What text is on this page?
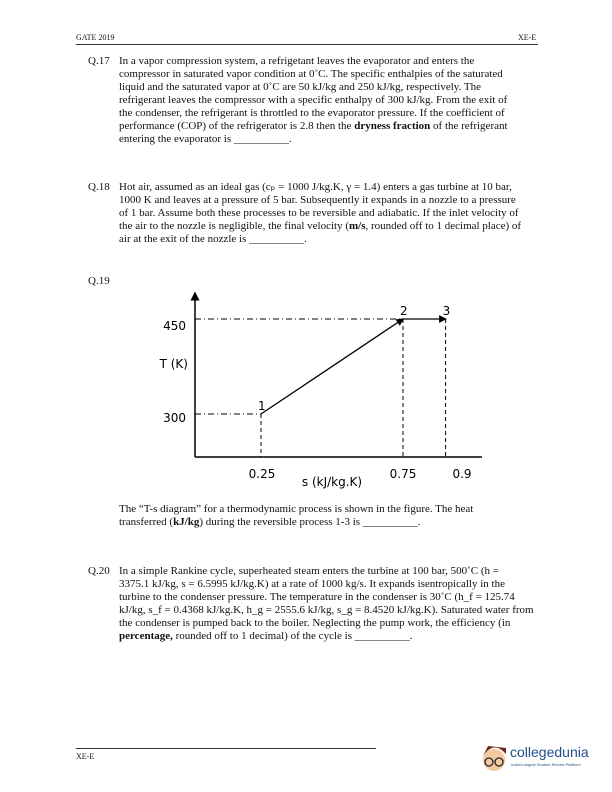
GATE 2019	XE-E
Q.17 In a vapor compression system, a refrigetant leaves the evaporator and enters the
compressor in saturated vapor condition at 0˚C. The specific enthalpies of the saturated
liquid and the saturated vapor at 0˚C are 50 kJ/kg and 250 kJ/kg, respectively. The
refrigerant leaves the compressor with a specific enthalpy of 300 kJ/kg. From the exit of
the condenser, the refrigerant is throttled to the evaporator pressure. If the coefficient of
performance (COP) of the refrigerator is 2.8 then the dryness fraction of the refrigerant
entering the evaporator is __________.
Q.18 Hot air, assumed as an ideal gas (cₚ = 1000 J/kg.K, γ = 1.4) enters a gas turbine at 10 bar,
1000 K and leaves at a pressure of 5 bar. Subsequently it expands in a nozzle to a pressure
of 1 bar. Assume both these processes to be reversible and adiabatic. If the inlet velocity of
the air to the nozzle is negligible, the final velocity (m/s, rounded off to 1 decimal place) of
air at the exit of the nozzle is __________.
Q.19
1
2	3
450
300
T (K)
0.25	0.75	0.9
s (kJ/kg.K)
The “T-s diagram” for a thermodynamic process is shown in the figure. The heat
transferred (kJ/kg) during the reversible process 1-3 is __________.
Q.20 In a simple Rankine cycle, superheated steam enters the turbine at 100 bar, 500˚C (h =
3375.1 kJ/kg, s = 6.5995 kJ/kg.K) at a rate of 1000 kg/s. It expands isentropically in the
turbine to the condenser pressure. The temperature in the condenser is 30˚C (h_f = 125.74
kJ/kg, s_f = 0.4368 kJ/kg.K, h_g = 2555.6 kJ/kg, s_g = 8.4520 kJ/kg.K). Saturated water from
the condenser is pumped back to the boiler. Neglecting the pump work, the efficiency (in
percentage, rounded off to 1 decimal) of the cycle is __________.
XE-E	collegedunia
India's largest Student Review Platform
